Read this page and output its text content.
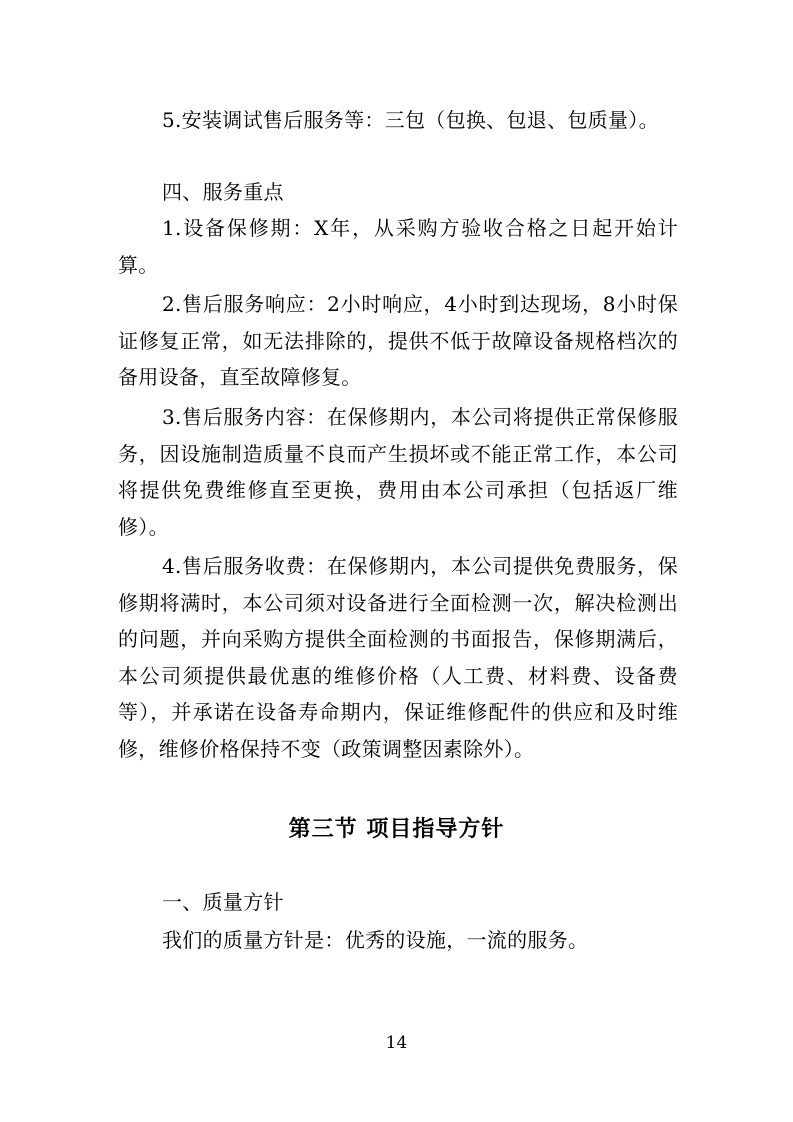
5.安装调试售后服务等：三包（包换、包退、包质量）。

四、服务重点

1.设备保修期：X年，从采购方验收合格之日起开始计算。

2.售后服务响应：2小时响应，4小时到达现场，8小时保证修复正常，如无法排除的，提供不低于故障设备规格档次的备用设备，直至故障修复。

3.售后服务内容：在保修期内，本公司将提供正常保修服务，因设施制造质量不良而产生损坏或不能正常工作，本公司将提供免费维修直至更换，费用由本公司承担（包括返厂维修）。

4.售后服务收费：在保修期内，本公司提供免费服务，保修期将满时，本公司须对设备进行全面检测一次，解决检测出的问题，并向采购方提供全面检测的书面报告，保修期满后，本公司须提供最优惠的维修价格（人工费、材料费、设备费等），并承诺在设备寿命期内，保证维修配件的供应和及时维修，维修价格保持不变（政策调整因素除外）。

第三节 项目指导方针

一、质量方针

我们的质量方针是：优秀的设施，一流的服务。

14
